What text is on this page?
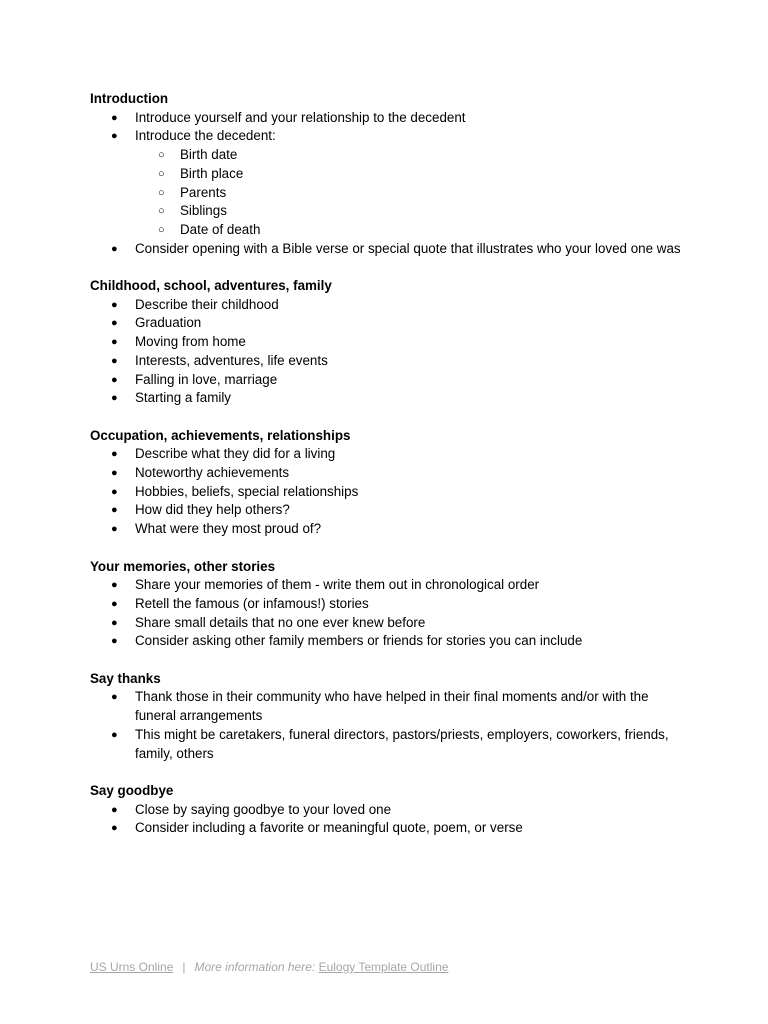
Introduction
● Introduce yourself and your relationship to the decedent
● Introduce the decedent:
○ Birth date
○ Birth place
○ Parents
○ Siblings
○ Date of death
● Consider opening with a Bible verse or special quote that illustrates who your loved one was
Childhood, school, adventures, family
● Describe their childhood
● Graduation
● Moving from home
● Interests, adventures, life events
● Falling in love, marriage
● Starting a family
Occupation, achievements, relationships
● Describe what they did for a living
● Noteworthy achievements
● Hobbies, beliefs, special relationships
● How did they help others?
● What were they most proud of?
Your memories, other stories
● Share your memories of them - write them out in chronological order
● Retell the famous (or infamous!) stories
● Share small details that no one ever knew before
● Consider asking other family members or friends for stories you can include
Say thanks
● Thank those in their community who have helped in their final moments and/or with the funeral arrangements
● This might be caretakers, funeral directors, pastors/priests, employers, coworkers, friends, family, others
Say goodbye
● Close by saying goodbye to your loved one
● Consider including a favorite or meaningful quote, poem, or verse
US Urns Online | More information here: Eulogy Template Outline
